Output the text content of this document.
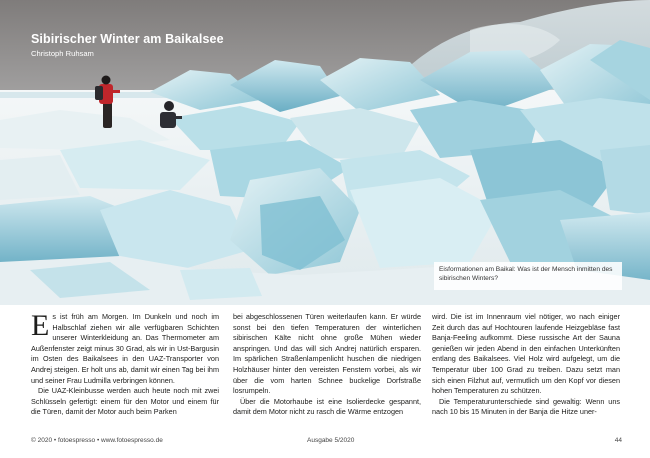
Sibirischer Winter am Baikalsee
Christoph Ruhsam
Eisformationen am Baikal: Was ist der Mensch inmitten des sibirischen Winters?

Es ist früh am Morgen. Im Dunkeln und noch im Halbschlaf ziehen wir alle verfügbaren Schichten unserer Winterkleidung an. Das Thermometer am Außenfenster zeigt minus 30 Grad, als wir in Ust-Bargusin im Osten des Baikalsees in den UAZ-Transporter von Andrej steigen. Er holt uns ab, damit wir einen Tag bei ihm und seiner Frau Ludmilla verbringen können.

Die UAZ-Kleinbusse werden auch heute noch mit zwei Schlüsseln gefertigt: einem für den Motor und einem für die Türen, damit der Motor auch beim Parken

bei abgeschlossenen Türen weiterlaufen kann. Er würde sonst bei den tiefen Temperaturen der winterlichen sibirischen Kälte nicht ohne große Mühen wieder anspringen. Und das will sich Andrej natürlich ersparen. Im spärlichen Straßenlampenlicht huschen die niedrigen Holzhäuser hinter den vereisten Fenstern vorbei, als wir über die vom harten Schnee buckelige Dorfstraße losrumpeln.

Über die Motorhaube ist eine Isolierdecke gespannt, damit dem Motor nicht zu rasch die Wärme entzogen

wird. Die ist im Innenraum viel nötiger, wo nach einiger Zeit durch das auf Hochtouren laufende Heizgebläse fast Banja-Feeling aufkommt. Diese russische Art der Sauna genießen wir jeden Abend in den einfachen Unterkünften entlang des Baikalsees. Viel Holz wird aufgelegt, um die Temperatur über 100 Grad zu treiben. Dazu setzt man sich einen Filzhut auf, vermutlich um den Kopf vor diesen hohen Temperaturen zu schützen.

Die Temperaturunterschiede sind gewaltig: Wenn uns nach 10 bis 15 Minuten in der Banja die Hitze uner-

© 2020 • fotoespresso • www.fotoespresso.de	Ausgabe 5/2020	44
